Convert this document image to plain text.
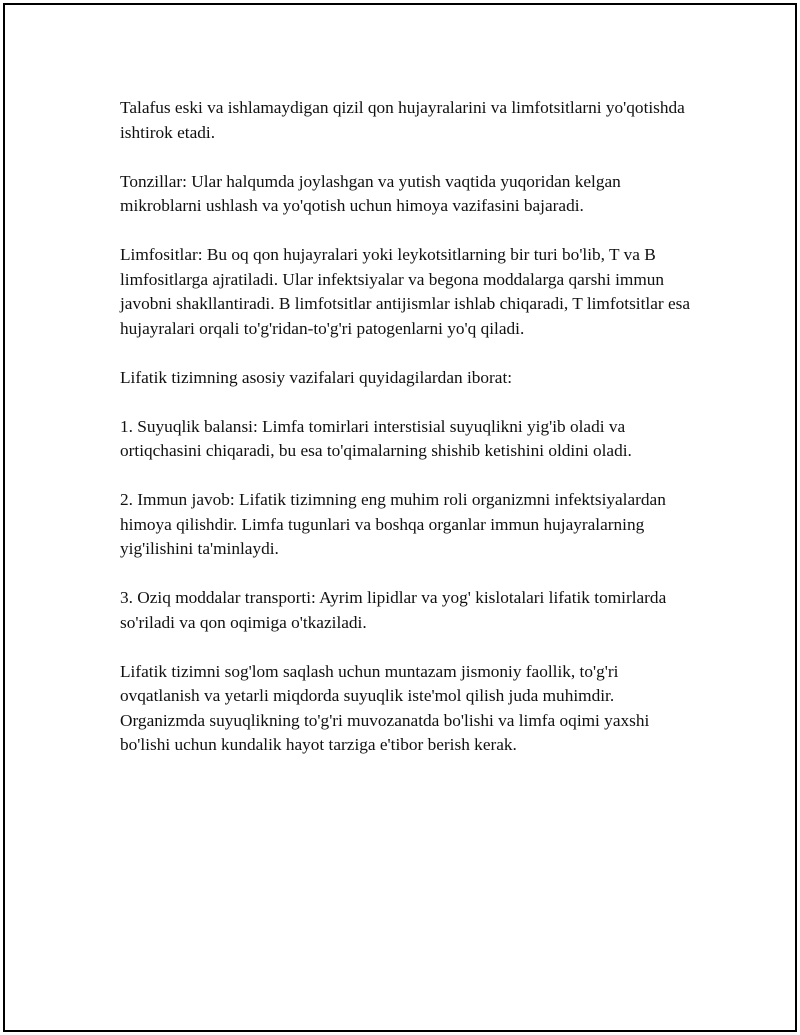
Talafus eski va ishlamaydigan qizil qon hujayralarini va limfotsitlarni yo'qotishda ishtirok etadi.

Tonzillar: Ular halqumda joylashgan va yutish vaqtida yuqoridan kelgan mikroblarni ushlash va yo'qotish uchun himoya vazifasini bajaradi.

Limfositlar: Bu oq qon hujayralari yoki leykotsitlarning bir turi bo'lib, T va B limfositlarga ajratiladi. Ular infektsiyalar va begona moddalarga qarshi immun javobni shakllantiradi. B limfotsitlar antijismlar ishlab chiqaradi, T limfotsitlar esa hujayralari orqali to'g'ridan-to'g'ri patogenlarni yo'q qiladi.

Lifatik tizimning asosiy vazifalari quyidagilardan iborat:

1. Suyuqlik balansi: Limfa tomirlari interstisial suyuqlikni yig'ib oladi va ortiqchasini chiqaradi, bu esa to'qimalarning shishib ketishini oldini oladi.

2. Immun javob: Lifatik tizimning eng muhim roli organizmni infektsiyalardan himoya qilishdir. Limfa tugunlari va boshqa organlar immun hujayralarning yig'ilishini ta'minlaydi.

3. Oziq moddalar transporti: Ayrim lipidlar va yog' kislotalari lifatik tomirlarda so'riladi va qon oqimiga o'tkaziladi.

Lifatik tizimni sog'lom saqlash uchun muntazam jismoniy faollik, to'g'ri ovqatlanish va yetarli miqdorda suyuqlik iste'mol qilish juda muhimdir. Organizmda suyuqlikning to'g'ri muvozanatda bo'lishi va limfa oqimi yaxshi bo'lishi uchun kundalik hayot tarziga e'tibor berish kerak.
